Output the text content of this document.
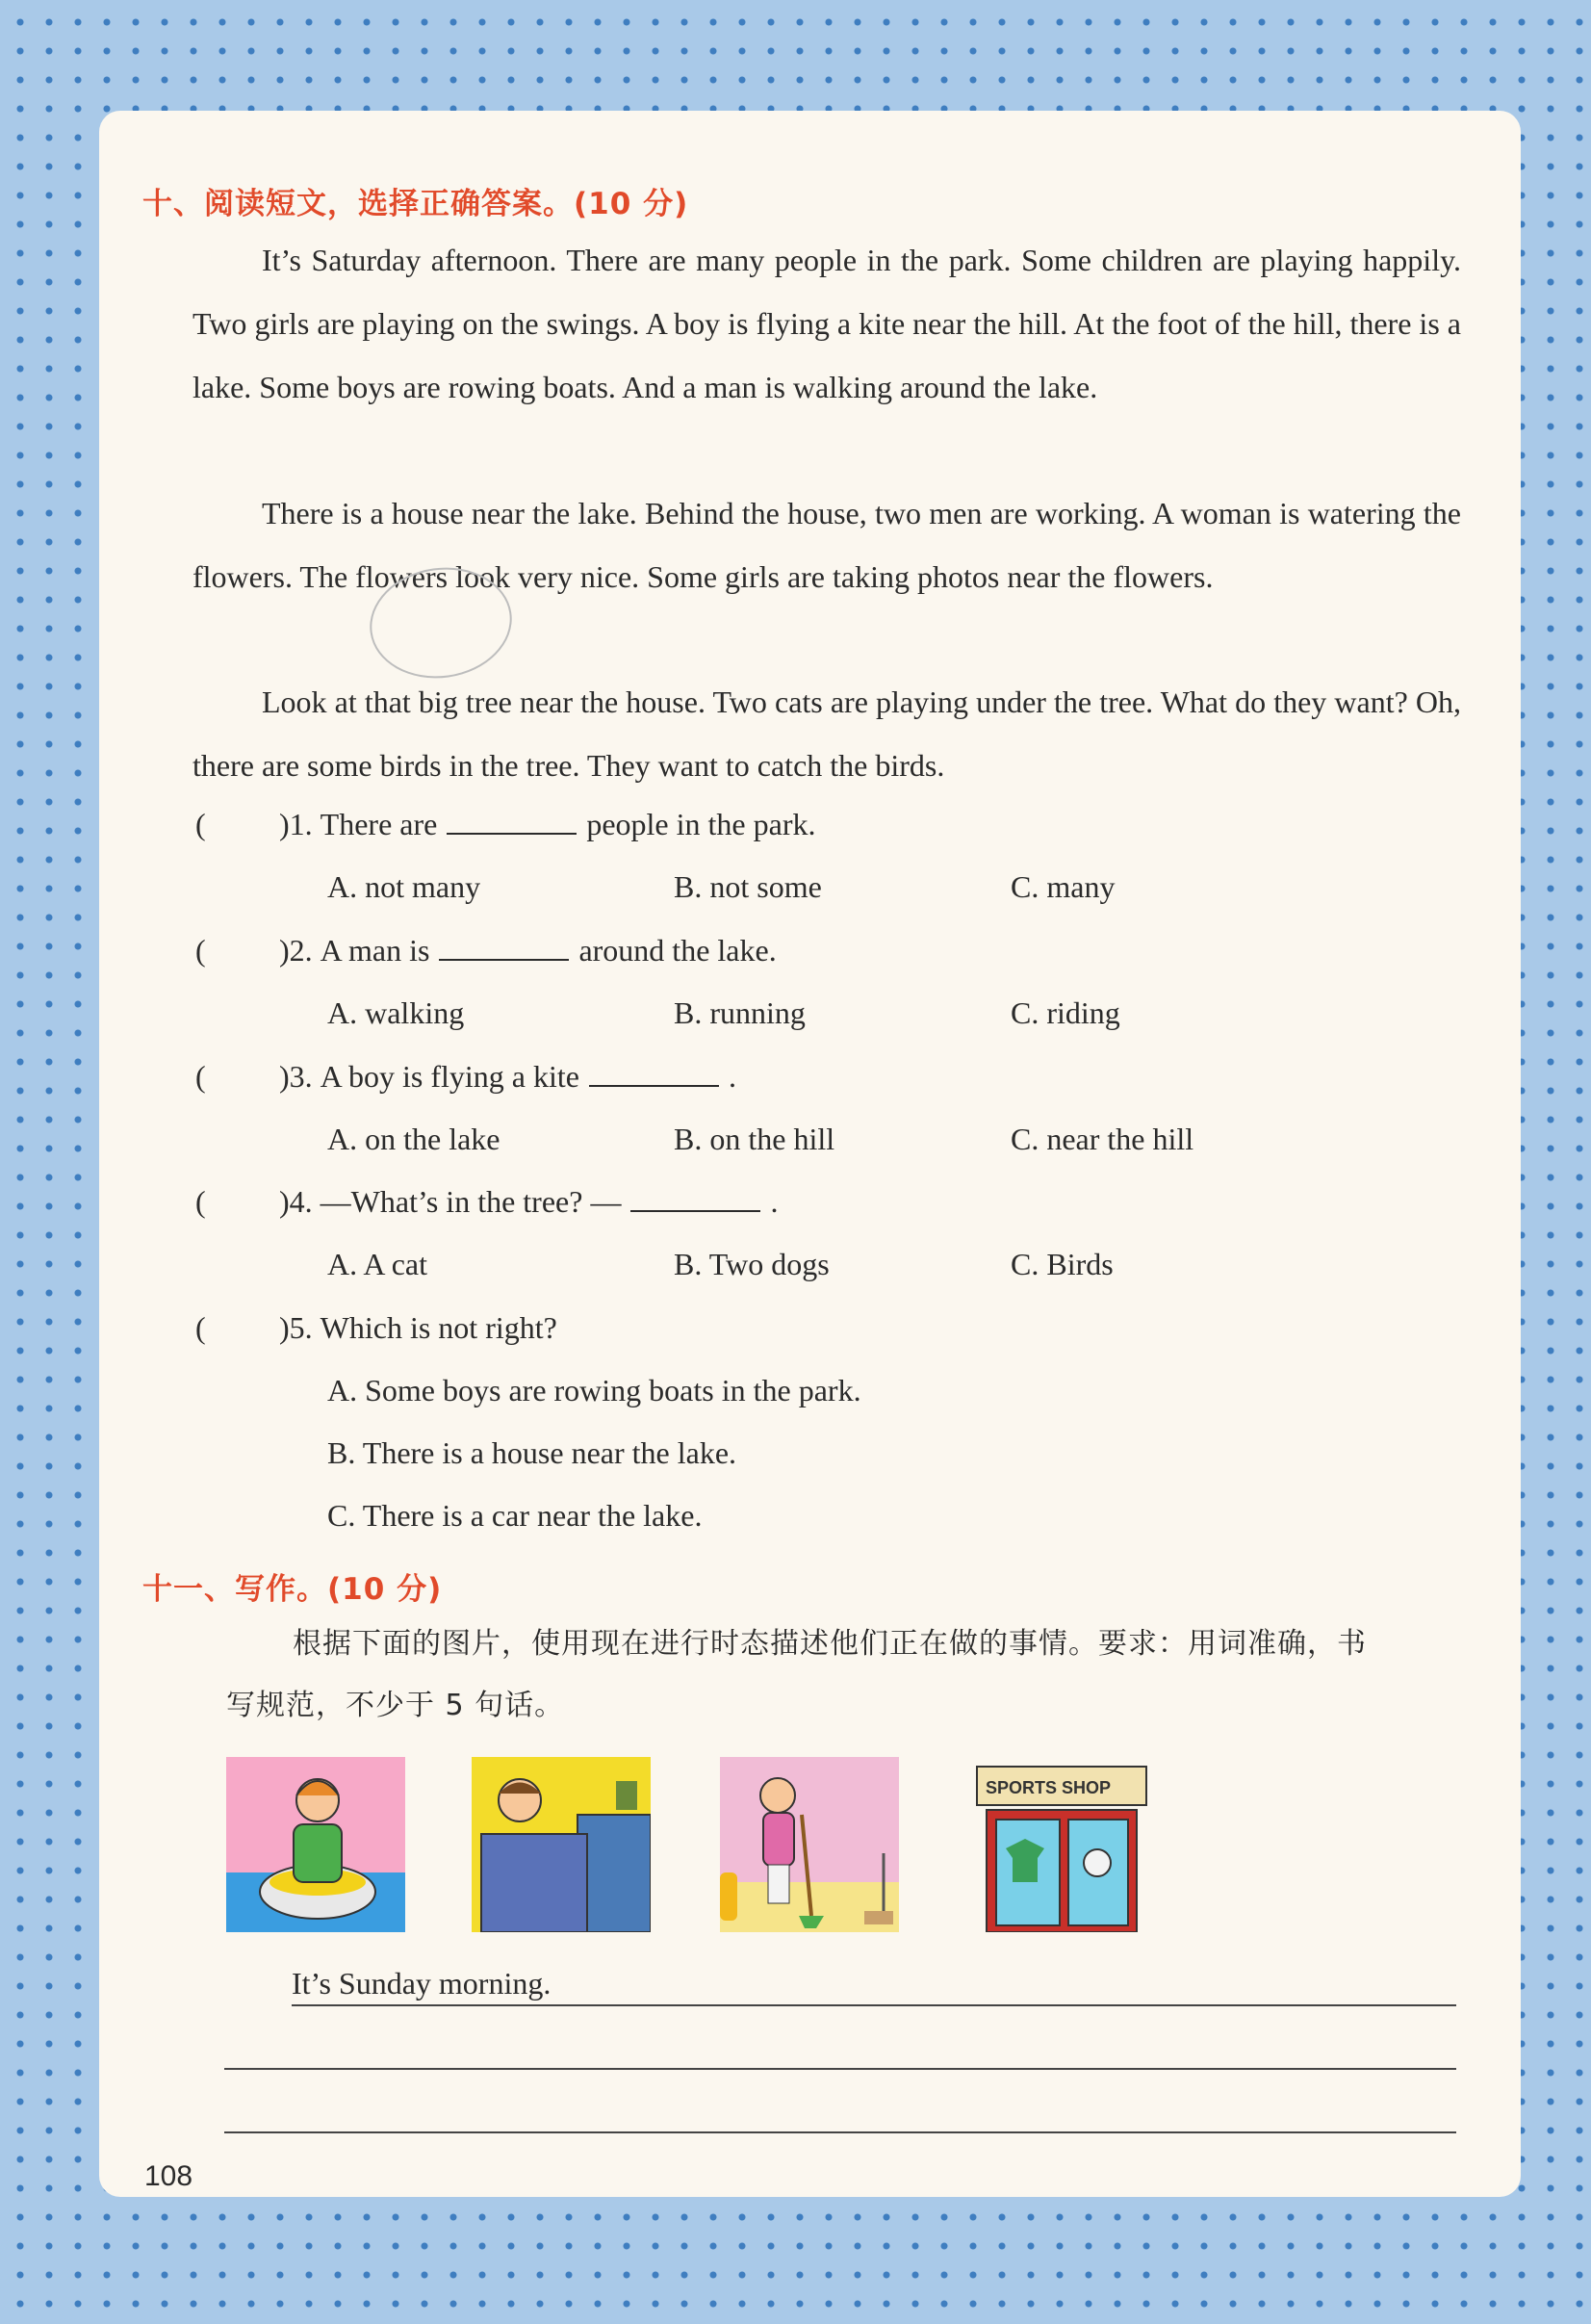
十、阅读短文，选择正确答案。(10 分)

It’s Saturday afternoon. There are many people in the park. Some children are playing happily. Two girls are playing on the swings. A boy is flying a kite near the hill. At the foot of the hill, there is a lake. Some boys are rowing boats. And a man is walking around the lake.

There is a house near the lake. Behind the house, two men are working. A woman is watering the flowers. The flowers look very nice. Some girls are taking photos near the flowers.

Look at that big tree near the house. Two cats are playing under the tree. What do they want? Oh, there are some birds in the tree. They want to catch the birds.

( )1. There are	people in the park.
A. not many	B. not some	C. many
( )2. A man is	around the lake.
A. walking	B. running	C. riding
( )3. A boy is flying a kite	.
A. on the lake	B. on the hill	C. near the hill
( )4. —What’s in the tree? —	.
A. A cat	B. Two dogs	C. Birds
( )5. Which is not right?
A. Some boys are rowing boats in the park.
B. There is a house near the lake.
C. There is a car near the lake.
十一、写作。(10 分)
根据下面的图片，使用现在进行时态描述他们正在做的事情。要求：用词准确，书
写规范，不少于 5 句话。
SPORTS SHOP
It’s Sunday morning.
108
